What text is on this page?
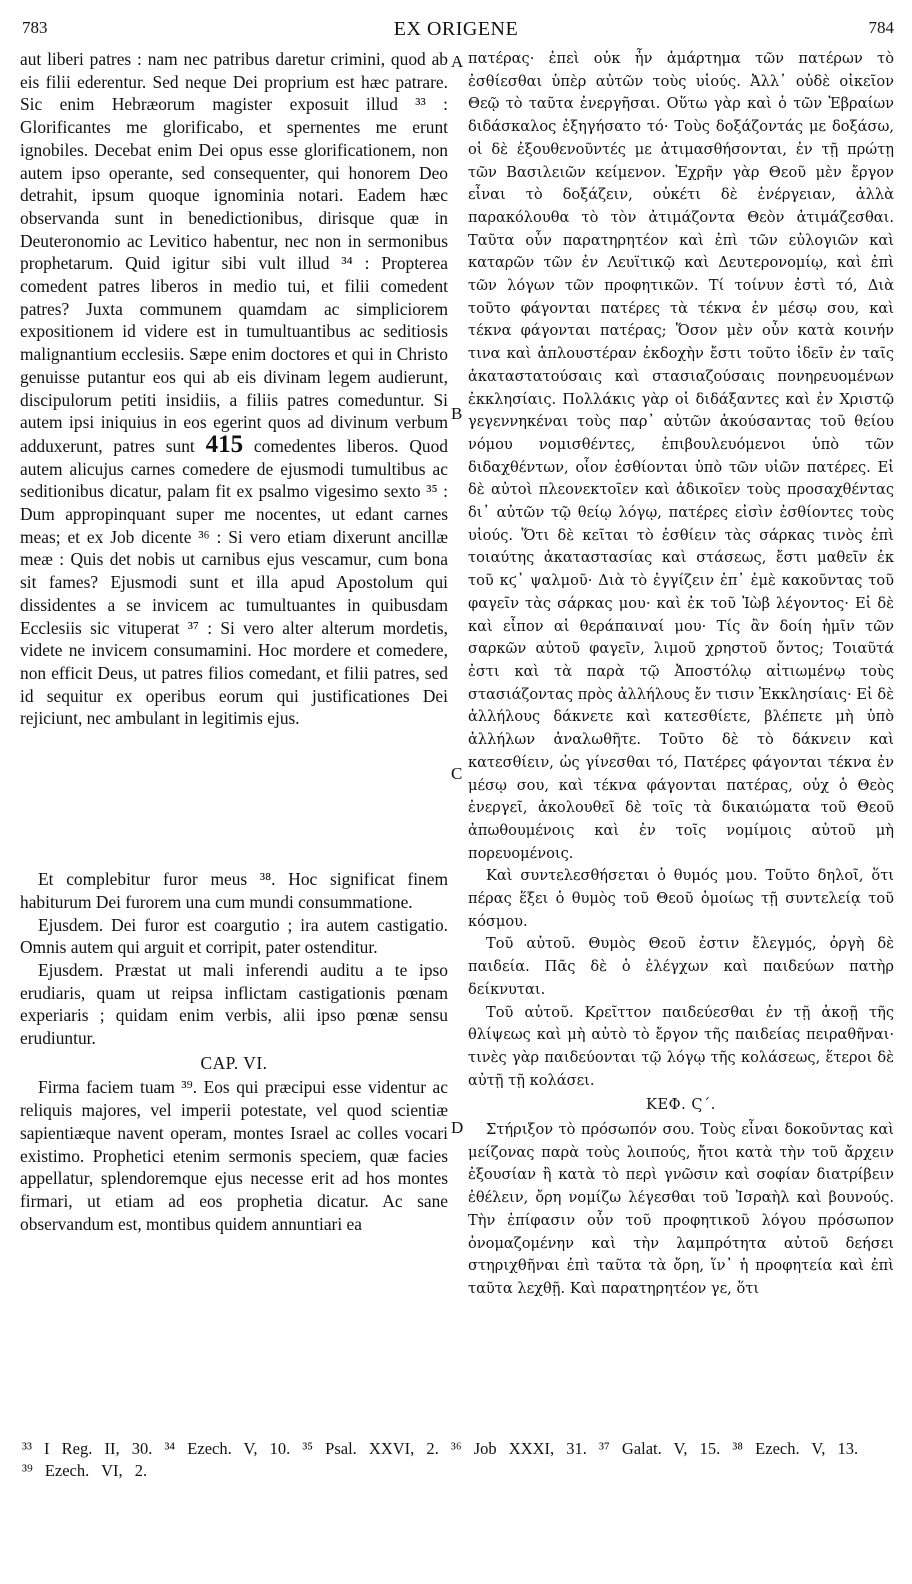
783	EX ORIGENE	784

aut liberi patres : nam nec patribus daretur crimini, quod ab eis filii ederentur. Sed neque Dei proprium est hæc patrare. Sic enim Hebræorum magister exposuit illud ³³ : Glorificantes me glorificabo, et spernentes me erunt ignobiles. Decebat enim Dei opus esse glorificationem, non autem ipso operante, sed consequenter, qui honorem Deo detrahit, ipsum quoque ignominia notari. Eadem hæc observanda sunt in benedictionibus, dirisque quæ in Deuteronomio ac Levitico habentur, nec non in sermonibus prophetarum. Quid igitur sibi vult illud ³⁴ : Propterea comedent patres liberos in medio tui, et filii comedent patres? Juxta communem quamdam ac simpliciorem expositionem id videre est in tumultuantibus ac seditiosis malignantium ecclesiis. Sæpe enim doctores et qui in Christo genuisse putantur eos qui ab eis divinam legem audierunt, discipulorum petiti insidiis, a filiis patres comeduntur. Si autem ipsi iniquius in eos egerint quos ad divinum verbum adduxerunt, patres sunt 415 comedentes liberos. Quod autem alicujus carnes comedere de ejusmodi tumultibus ac seditionibus dicatur, palam fit ex psalmo vigesimo sexto ³⁵ : Dum appropinquant super me nocentes, ut edant carnes meas; et ex Job dicente ³⁶ : Si vero etiam dixerunt ancillæ meæ : Quis det nobis ut carnibus ejus vescamur, cum bona sit fames? Ejusmodi sunt et illa apud Apostolum qui dissidentes a se invicem ac tumultuantes in quibusdam Ecclesiis sic vituperat ³⁷ : Si vero alter alterum mordetis, videte ne invicem consumamini. Hoc mordere et comedere, non efficit Deus, ut patres filios comedant, et filii patres, sed id sequitur ex operibus eorum qui justificationes Dei rejiciunt, nec ambulant in legitimis ejus.

Et complebitur furor meus ³⁸. Hoc significat finem habiturum Dei furorem una cum mundi consummatione.

Ejusdem. Dei furor est coargutio ; ira autem castigatio. Omnis autem qui arguit et corripit, pater ostenditur.

Ejusdem. Præstat ut mali inferendi auditu a te ipso erudiaris, quam ut reipsa inflictam castigationis pœnam experiaris ; quidam enim verbis, alii ipso pœnæ sensu erudiuntur.

CAP. VI.

Firma faciem tuam ³⁹. Eos qui præcipui esse videntur ac reliquis majores, vel imperii potestate, vel quod scientiæ sapientiæque navent operam, montes Israel ac colles vocari existimo. Prophetici etenim sermonis speciem, quæ facies appellatur, splendoremque ejus necesse erit ad hos montes firmari, ut etiam ad eos prophetia dicatur. Ac sane observandum est, montibus quidem annuntiari ea

πατέρας· ἐπεὶ οὐκ ἦν ἁμάρτημα τῶν πατέρων τὸ ἐσθίεσθαι ὑπὲρ αὐτῶν τοὺς υἱούς. Ἀλλ᾽ οὐδὲ οἰκεῖον Θεῷ τὸ ταῦτα ἐνεργῆσαι. Οὕτω γὰρ καὶ ὁ τῶν Ἑβραίων διδάσκαλος ἐξηγήσατο τό· Τοὺς δοξάζοντάς με δοξάσω, οἱ δὲ ἐξουθενοῦντές με ἀτιμασθήσονται, ἐν τῇ πρώτῃ τῶν Βασιλειῶν κείμενον. Ἐχρῆν γὰρ Θεοῦ μὲν ἔργον εἶναι τὸ δοξάζειν, οὐκέτι δὲ ἐνέργειαν, ἀλλὰ παρακόλουθα τὸ τὸν ἀτιμάζοντα Θεὸν ἀτιμάζεσθαι. Ταῦτα οὖν παρατηρητέον καὶ ἐπὶ τῶν εὐλογιῶν καὶ καταρῶν τῶν ἐν Λευϊτικῷ καὶ Δευτερονομίῳ, καὶ ἐπὶ τῶν λόγων τῶν προφητικῶν. Τί τοίνυν ἐστὶ τό, Διὰ τοῦτο φάγονται πατέρες τὰ τέκνα ἐν μέσῳ σου, καὶ τέκνα φάγονται πατέρας; Ὅσον μὲν οὖν κατὰ κοινήν τινα καὶ ἁπλουστέραν ἐκδοχὴν ἔστι τοῦτο ἰδεῖν ἐν ταῖς ἀκαταστατούσαις καὶ στασιαζούσαις πονηρευομένων ἐκκλησίαις. Πολλάκις γὰρ οἱ διδάξαντες καὶ ἐν Χριστῷ γεγεννηκέναι τοὺς παρ᾽ αὐτῶν ἀκούσαντας τοῦ θείου νόμου νομισθέντες, ἐπιβουλευόμενοι ὑπὸ τῶν διδαχθέντων, οἷον ἐσθίονται ὑπὸ τῶν υἱῶν πατέρες. Εἰ δὲ αὐτοὶ πλεονεκτοῖεν καὶ ἀδικοῖεν τοὺς προσαχθέντας δι᾽ αὐτῶν τῷ θείῳ λόγῳ, πατέρες εἰσὶν ἐσθίοντες τοὺς υἱούς. Ὅτι δὲ κεῖται τὸ ἐσθίειν τὰς σάρκας τινὸς ἐπὶ τοιαύτης ἀκαταστασίας καὶ στάσεως, ἔστι μαθεῖν ἐκ τοῦ κϛ᾽ ψαλμοῦ· Διὰ τὸ ἐγγίζειν ἐπ᾽ ἐμὲ κακοῦντας τοῦ φαγεῖν τὰς σάρκας μου· καὶ ἐκ τοῦ Ἰὼβ λέγοντος· Εἰ δὲ καὶ εἶπον αἱ θεράπαιναί μου· Τίς ἂν δοίη ἡμῖν τῶν σαρκῶν αὐτοῦ φαγεῖν, λιμοῦ χρηστοῦ ὄντος; Τοιαῦτά ἐστι καὶ τὰ παρὰ τῷ Ἀποστόλῳ αἰτιωμένῳ τοὺς στασιάζοντας πρὸς ἀλλήλους ἔν τισιν Ἐκκλησίαις· Εἰ δὲ ἀλλήλους δάκνετε καὶ κατεσθίετε, βλέπετε μὴ ὑπὸ ἀλλήλων ἀναλωθῆτε. Τοῦτο δὲ τὸ δάκνειν καὶ κατεσθίειν, ὡς γίνεσθαι τό, Πατέρες φάγονται τέκνα ἐν μέσῳ σου, καὶ τέκνα φάγονται πατέρας, οὐχ ὁ Θεὸς ἐνεργεῖ, ἀκολουθεῖ δὲ τοῖς τὰ δικαιώματα τοῦ Θεοῦ ἀπωθουμένοις καὶ ἐν τοῖς νομίμοις αὐτοῦ μὴ πορευομένοις.

Καὶ συντελεσθήσεται ὁ θυμός μου. Τοῦτο δηλοῖ, ὅτι πέρας ἕξει ὁ θυμὸς τοῦ Θεοῦ ὁμοίως τῇ συντελείᾳ τοῦ κόσμου.

Τοῦ αὐτοῦ. Θυμὸς Θεοῦ ἐστιν ἔλεγμός, ὀργὴ δὲ παιδεία. Πᾶς δὲ ὁ ἐλέγχων καὶ παιδεύων πατὴρ δείκνυται.

Τοῦ αὐτοῦ. Κρεῖττον παιδεύεσθαι ἐν τῇ ἀκοῇ τῆς θλίψεως καὶ μὴ αὐτὸ τὸ ἔργον τῆς παιδείας πειραθῆναι· τινὲς γὰρ παιδεύονται τῷ λόγῳ τῆς κολάσεως, ἕτεροι δὲ αὐτῇ τῇ κολάσει.

ΚΕΦ. Ϛ΄.

Στήριξον τὸ πρόσωπόν σου. Τοὺς εἶναι δοκοῦντας καὶ μείζονας παρὰ τοὺς λοιπούς, ἤτοι κατὰ τὴν τοῦ ἄρχειν ἐξουσίαν ἢ κατὰ τὸ περὶ γνῶσιν καὶ σοφίαν διατρίβειν ἐθέλειν, ὄρη νομίζω λέγεσθαι τοῦ Ἰσραὴλ καὶ βουνούς. Τὴν ἐπίφασιν οὖν τοῦ προφητικοῦ λόγου πρόσωπον ὀνομαζομένην καὶ τὴν λαμπρότητα αὐτοῦ δεήσει στηριχθῆναι ἐπὶ ταῦτα τὰ ὄρη, ἵν᾽ ἡ προφητεία καὶ ἐπὶ ταῦτα λεχθῇ. Καὶ παρατηρητέον γε, ὅτι

A
B
C
D
³³ I Reg. II, 30. ³⁴ Ezech. V, 10. ³⁵ Psal. XXVI, 2. ³⁶ Job XXXI, 31. ³⁷ Galat. V, 15. ³⁸ Ezech. V, 13. ³⁹ Ezech. VI, 2.
